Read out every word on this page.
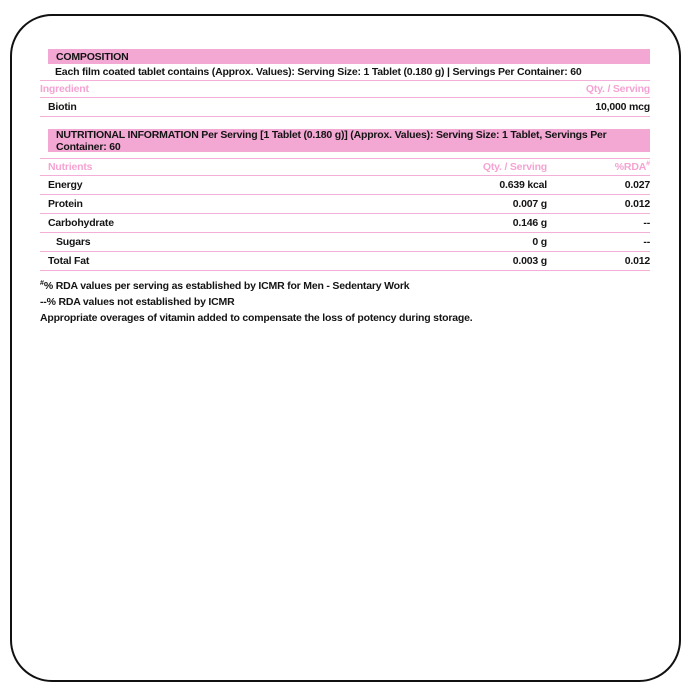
COMPOSITION
Each film coated tablet contains (Approx. Values): Serving Size: 1 Tablet (0.180 g) | Servings Per Container: 60
Ingredient	Qty. / Serving
Biotin	10,000 mcg
NUTRITIONAL INFORMATION Per Serving [1 Tablet (0.180 g)] (Approx. Values): Serving Size: 1 Tablet, Servings Per Container: 60
Nutrients	Qty. / Serving	%RDA#
Energy	0.639 kcal	0.027
Protein	0.007 g	0.012
Carbohydrate	0.146 g	--
Sugars	0 g	--
Total Fat	0.003 g	0.012
# % RDA values per serving as established by ICMR for Men - Sedentary Work
--% RDA values not established by ICMR
Appropriate overages of vitamin added to compensate the loss of potency during storage.
